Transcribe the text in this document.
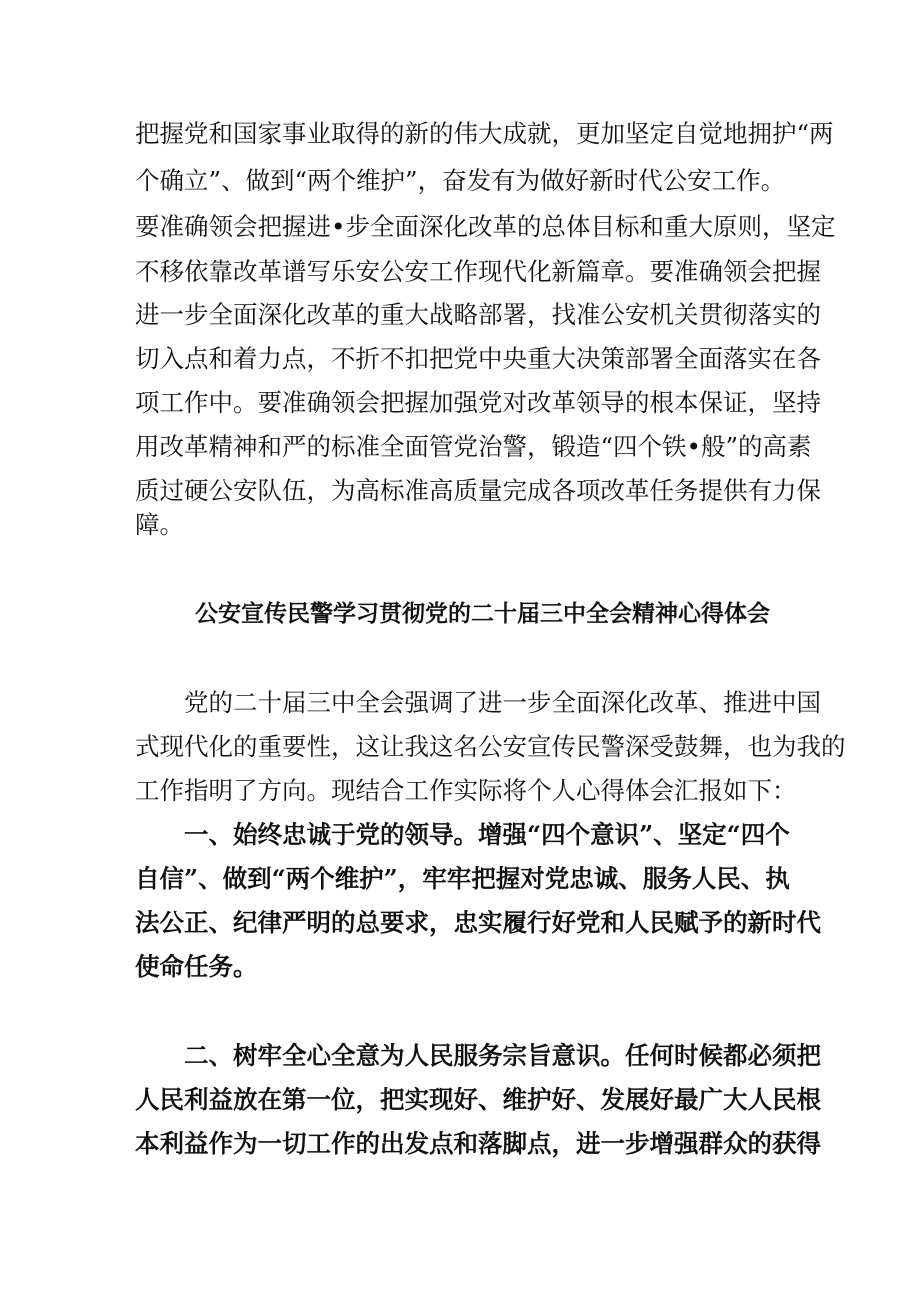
把握党和国家事业取得的新的伟大成就，更加坚定自觉地拥护“两
个确立”、做到“两个维护”，奋发有为做好新时代公安工作。
要准确领会把握进•步全面深化改革的总体目标和重大原则，坚定
不移依靠改革谱写乐安公安工作现代化新篇章。要准确领会把握
进一步全面深化改革的重大战略部署，找准公安机关贯彻落实的
切入点和着力点，不折不扣把党中央重大决策部署全面落实在各
项工作中。要准确领会把握加强党对改革领导的根本保证，坚持
用改革精神和严的标准全面管党治警，锻造“四个铁•般”的高素
质过硬公安队伍，为高标准高质量完成各项改革任务提供有力保
障。
公安宣传民警学习贯彻党的二十届三中全会精神心得体会
　　党的二十届三中全会强调了进一步全面深化改革、推进中国
式现代化的重要性，这让我这名公安宣传民警深受鼓舞，也为我的
工作指明了方向。现结合工作实际将个人心得体会汇报如下：
　　一、始终忠诚于党的领导。增强“四个意识”、坚定“四个
自信”、做到“两个维护”，牢牢把握对党忠诚、服务人民、执
法公正、纪律严明的总要求，忠实履行好党和人民赋予的新时代
使命任务。
　　二、树牢全心全意为人民服务宗旨意识。任何时候都必须把
人民利益放在第一位，把实现好、维护好、发展好最广大人民根
本利益作为一切工作的出发点和落脚点，进一步增强群众的获得
